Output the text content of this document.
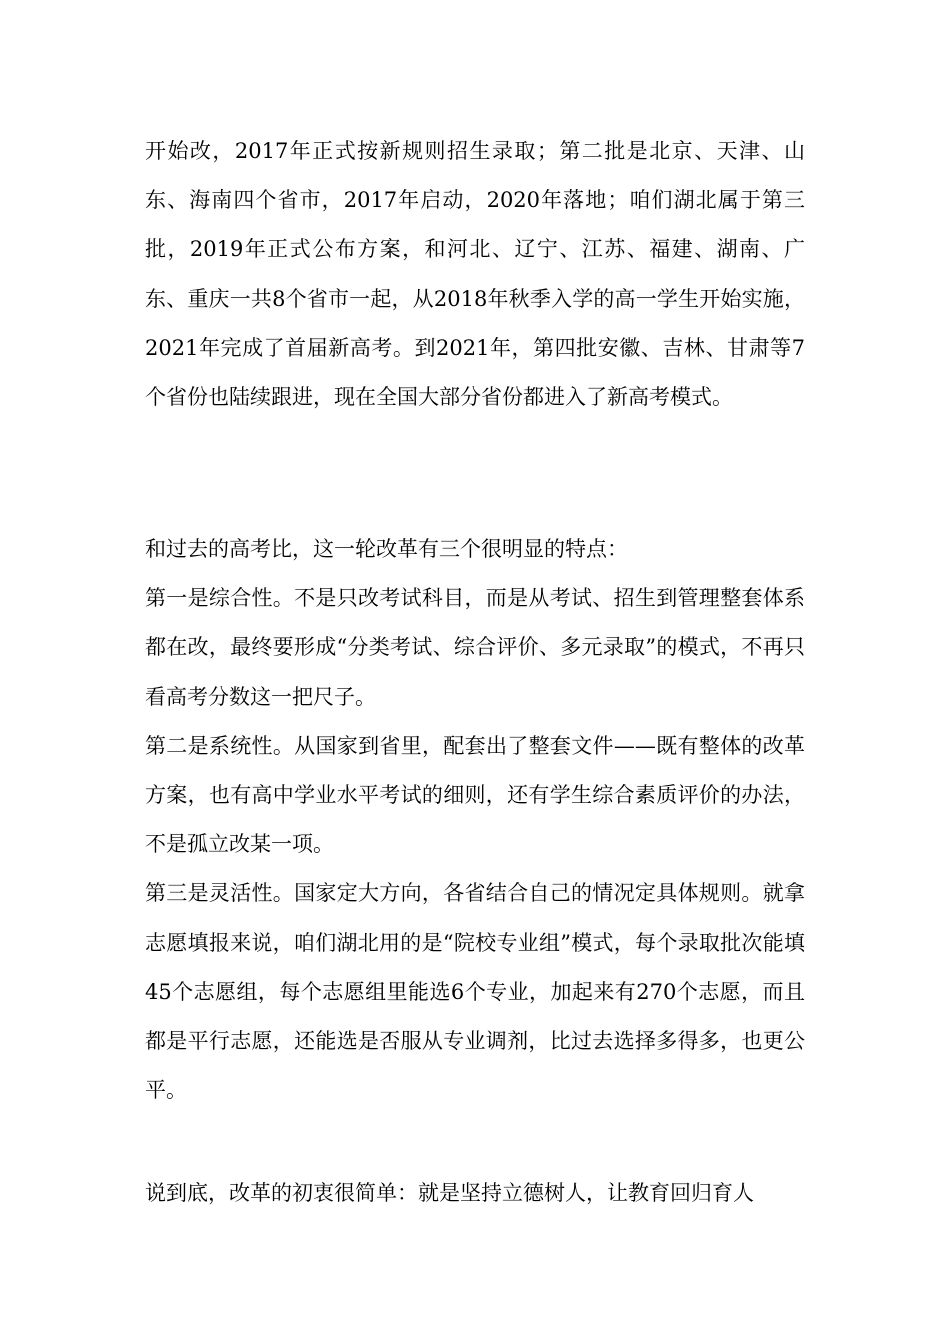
开始改，2017年正式按新规则招生录取；第二批是北京、天津、山东、海南四个省市，2017年启动，2020年落地；咱们湖北属于第三批，2019年正式公布方案，和河北、辽宁、江苏、福建、湖南、广东、重庆一共8个省市一起，从2018年秋季入学的高一学生开始实施，2021年完成了首届新高考。到2021年，第四批安徽、吉林、甘肃等7个省份也陆续跟进，现在全国大部分省份都进入了新高考模式。

和过去的高考比，这一轮改革有三个很明显的特点：

第一是综合性。不是只改考试科目，而是从考试、招生到管理整套体系都在改，最终要形成“分类考试、综合评价、多元录取”的模式，不再只看高考分数这一把尺子。

第二是系统性。从国家到省里，配套出了整套文件——既有整体的改革方案，也有高中学业水平考试的细则，还有学生综合素质评价的办法，不是孤立改某一项。

第三是灵活性。国家定大方向，各省结合自己的情况定具体规则。就拿志愿填报来说，咱们湖北用的是“院校专业组”模式，每个录取批次能填45个志愿组，每个志愿组里能选6个专业，加起来有270个志愿，而且都是平行志愿，还能选是否服从专业调剂，比过去选择多得多，也更公平。

说到底，改革的初衷很简单：就是坚持立德树人，让教育回归育人
